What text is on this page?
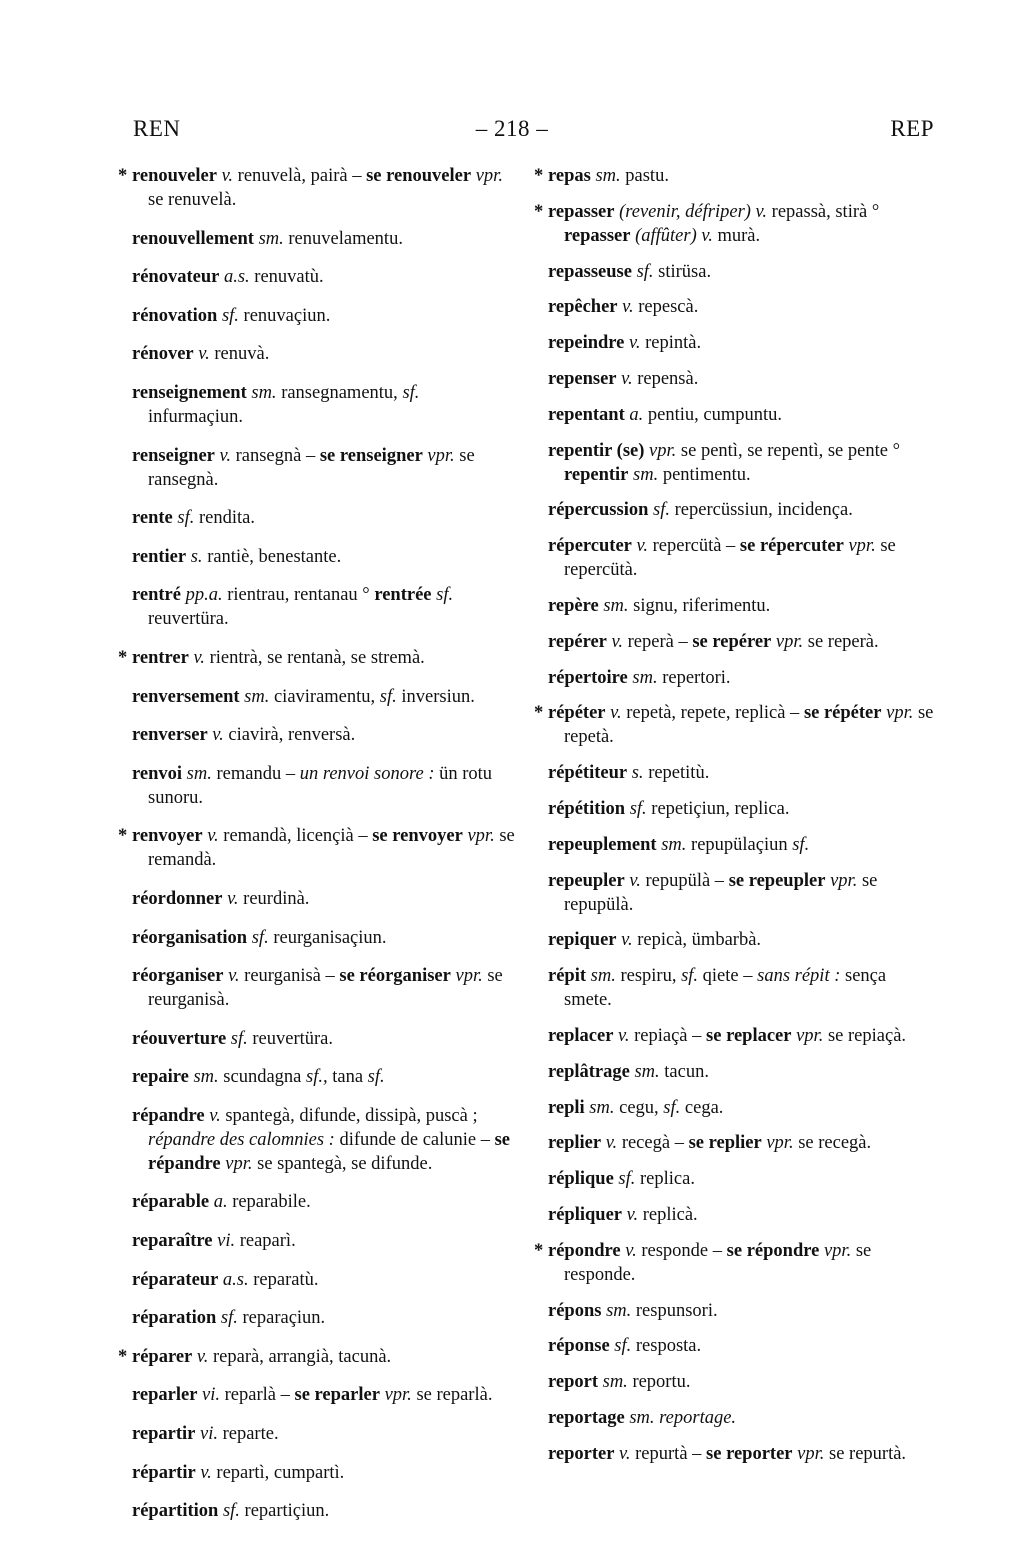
– 218 –
REN	REP

* renouveler v. renuvelà, pairà – se renouveler vpr. se renuvelà.

renouvellement sm. renuvelamentu.

rénovateur a.s. renuvatù.

rénovation sf. renuvaçiun.

rénover v. renuvà.

renseignement sm. ransegnamentu, sf. infurmaçiun.

renseigner v. ransegnà – se renseigner vpr. se ransegnà.

rente sf. rendita.

rentier s. rantiè, benestante.

rentré pp.a. rientrau, rentanau ° rentrée sf. reuvertüra.

* rentrer v. rientrà, se rentanà, se stremà.

renversement sm. ciaviramentu, sf. inversiun.

renverser v. ciavirà, renversà.

renvoi sm. remandu – un renvoi sonore : ün rotu sunoru.

* renvoyer v. remandà, licençià – se renvoyer vpr. se remandà.

réordonner v. reurdinà.

réorganisation sf. reurganisaçiun.

réorganiser v. reurganisà – se réorganiser vpr. se reurganisà.

réouverture sf. reuvertüra.

repaire sm. scundagna sf., tana sf.

répandre v. spantegà, difunde, dissipà, puscà ; répandre des calomnies : difunde de calunie – se répandre vpr. se spantegà, se difunde.

réparable a. reparabile.

reparaître vi. reaparì.

réparateur a.s. reparatù.

réparation sf. reparaçiun.

* réparer v. reparà, arrangià, tacunà.

reparler vi. reparlà – se reparler vpr. se reparlà.

repartir vi. reparte.

répartir v. repartì, cumpartì.

répartition sf. repartiçiun.

* repas sm. pastu.

* repasser (revenir, défriper) v. repassà, stirà ° repasser (affûter) v. murà.

repasseuse sf. stirüsa.

repêcher v. repescà.

repeindre v. repintà.

repenser v. repensà.

repentant a. pentiu, cumpuntu.

repentir (se) vpr. se pentì, se repentì, se pente ° repentir sm. pentimentu.

répercussion sf. repercüssiun, incidença.

répercuter v. repercütà – se répercuter vpr. se repercütà.

repère sm. signu, riferimentu.

repérer v. reperà – se repérer vpr. se reperà.

répertoire sm. repertori.

* répéter v. repetà, repete, replicà – se répéter vpr. se repetà.

répétiteur s. repetitù.

répétition sf. repetiçiun, replica.

repeuplement sm. repupülaçiun sf.

repeupler v. repupülà – se repeupler vpr. se repupülà.

repiquer v. repicà, ümbarbà.

répit sm. respiru, sf. qiete – sans répit : sença smete.

replacer v. repiaçà – se replacer vpr. se repiaçà.

replâtrage sm. tacun.

repli sm. cegu, sf. cega.

replier v. recegà – se replier vpr. se recegà.

réplique sf. replica.

répliquer v. replicà.

* répondre v. responde – se répondre vpr. se responde.

répons sm. respunsori.

réponse sf. resposta.

report sm. reportu.

reportage sm. reportage.

reporter v. repurtà – se reporter vpr. se repurtà.
